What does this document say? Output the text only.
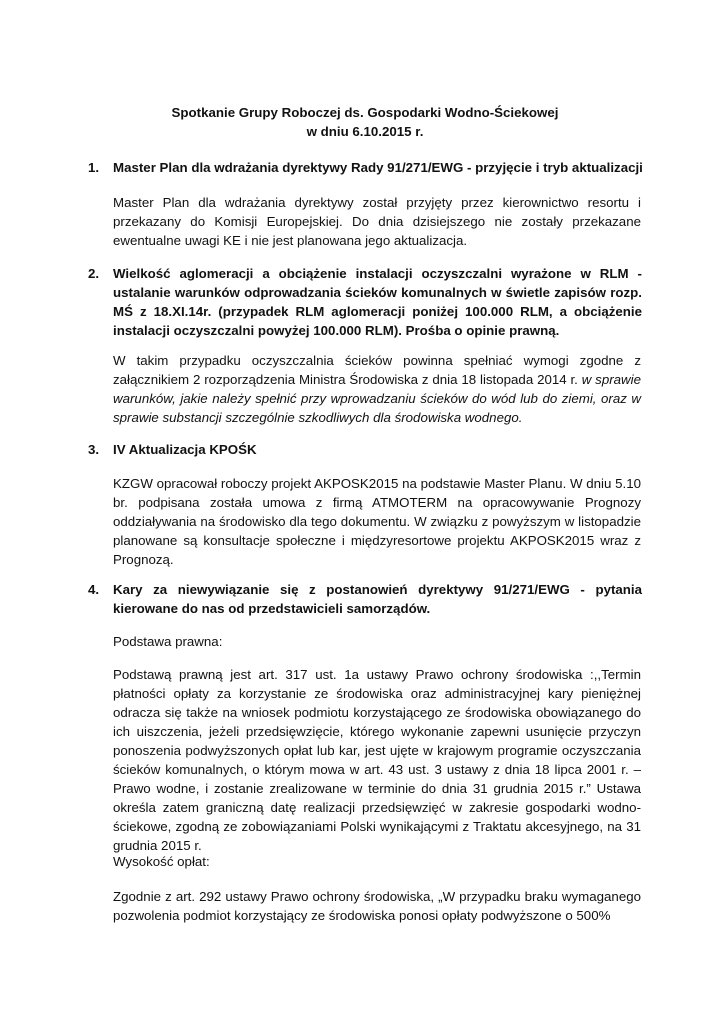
Spotkanie Grupy Roboczej ds. Gospodarki Wodno-Ściekowej
w dniu 6.10.2015 r.
1. Master Plan dla wdrażania dyrektywy Rady 91/271/EWG - przyjęcie i tryb aktualizacji
Master Plan dla wdrażania dyrektywy został przyjęty przez kierownictwo resortu i przekazany do Komisji Europejskiej. Do dnia dzisiejszego nie zostały przekazane ewentualne uwagi KE i nie jest planowana jego aktualizacja.
2. Wielkość aglomeracji a obciążenie instalacji oczyszczalni wyrażone w RLM - ustalanie warunków odprowadzania ścieków komunalnych w świetle zapisów rozp. MŚ z 18.XI.14r. (przypadek RLM aglomeracji poniżej 100.000 RLM, a obciążenie instalacji oczyszczalni powyżej 100.000 RLM). Prośba o opinie prawną.
W takim przypadku oczyszczalnia ścieków powinna spełniać wymogi zgodne z załącznikiem 2 rozporządzenia Ministra Środowiska z dnia 18 listopada 2014 r. w sprawie warunków, jakie należy spełnić przy wprowadzaniu ścieków do wód lub do ziemi, oraz w sprawie substancji szczególnie szkodliwych dla środowiska wodnego.
3. IV Aktualizacja KPOŚK
KZGW opracował roboczy projekt AKPOSK2015 na podstawie Master Planu. W dniu 5.10 br. podpisana została umowa z firmą ATMOTERM na opracowywanie Prognozy oddziaływania na środowisko dla tego dokumentu. W związku z powyższym w listopadzie planowane są konsultacje społeczne i międzyresortowe projektu AKPOSK2015 wraz z Prognozą.
4. Kary za niewywiązanie się z postanowień dyrektywy 91/271/EWG - pytania kierowane do nas od przedstawicieli samorządów.
Podstawa prawna:
Podstawą prawną jest art. 317 ust. 1a ustawy Prawo ochrony środowiska :,,Termin płatności opłaty za korzystanie ze środowiska oraz administracyjnej kary pieniężnej odracza się także na wniosek podmiotu korzystającego ze środowiska obowiązanego do ich uiszczenia, jeżeli przedsięwzięcie, którego wykonanie zapewni usunięcie przyczyn ponoszenia podwyższonych opłat lub kar, jest ujęte w krajowym programie oczyszczania ścieków komunalnych, o którym mowa w art. 43 ust. 3 ustawy z dnia 18 lipca 2001 r. – Prawo wodne, i zostanie zrealizowane w terminie do dnia 31 grudnia 2015 r.” Ustawa określa zatem graniczną datę realizacji przedsięwzięć w zakresie gospodarki wodno-ściekowe, zgodną ze zobowiązaniami Polski wynikającymi z Traktatu akcesyjnego, na 31 grudnia 2015 r.
Wysokość opłat:
Zgodnie z art. 292 ustawy Prawo ochrony środowiska, „W przypadku braku wymaganego pozwolenia podmiot korzystający ze środowiska ponosi opłaty podwyższone o 500%
